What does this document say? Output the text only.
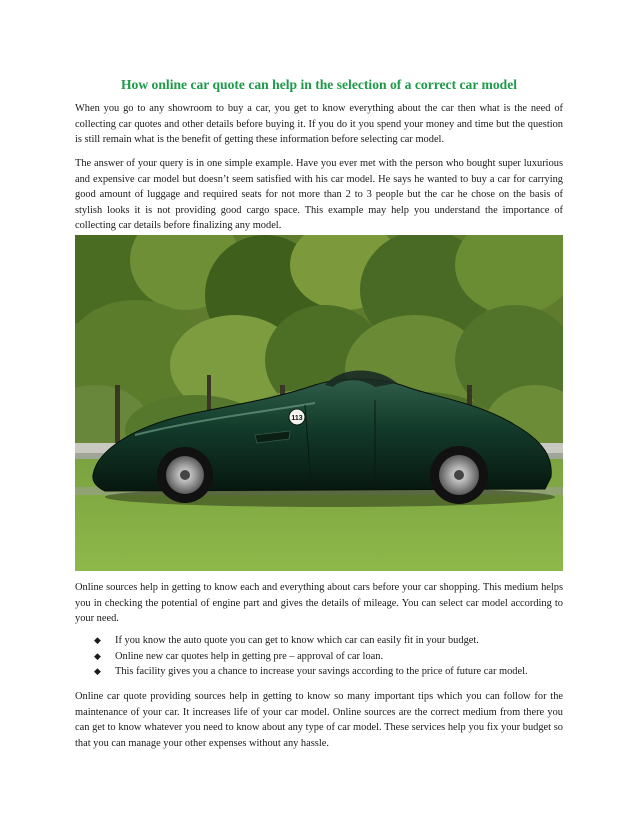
How online car quote can help in the selection of a correct car model

When you go to any showroom to buy a car, you get to know everything about the car then what is the need of collecting car quotes and other details before buying it. If you do it you spend your money and time but the question is still remain what is the benefit of getting these information before selecting car model.

The answer of your query is in one simple example. Have you ever met with the person who bought super luxurious and expensive car model but doesn’t seem satisfied with his car model. He says he wanted to buy a car for carrying good amount of luggage and required seats for not more than 2 to 3 people but the car he chose on the basis of stylish looks it is not providing good cargo space. This example may help you understand the importance of collecting car details before finalizing any model.

113

Online sources help in getting to know each and everything about cars before your car shopping. This medium helps you in checking the potential of engine part and gives the details of mileage. You can select car model according to your need.

◆ If you know the auto quote you can get to know which car can easily fit in your budget.
◆ Online new car quotes help in getting pre – approval of car loan.
◆ This facility gives you a chance to increase your savings according to the price of future car model.

Online car quote providing sources help in getting to know so many important tips which you can follow for the maintenance of your car. It increases life of your car model. Online sources are the correct medium from there you can get to know whatever you need to know about any type of car model. These services help you fix your budget so that you can manage your other expenses without any hassle.
